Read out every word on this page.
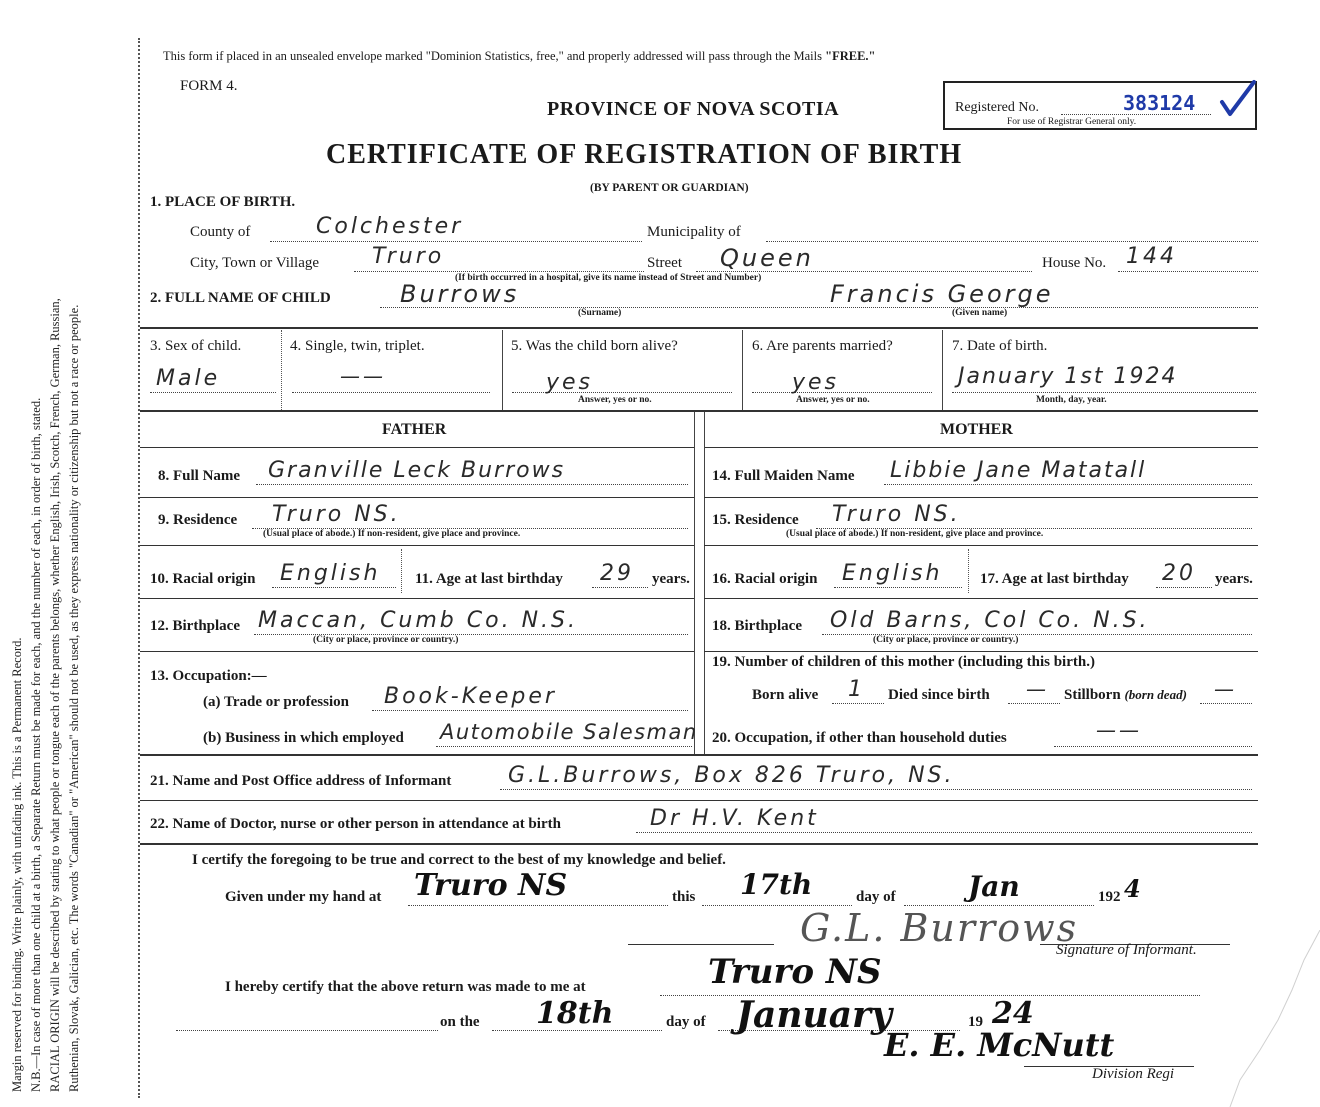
Margin reserved for binding. Write plainly, with unfading ink. This is a Permanent Record. N.B.—In case of more than one child at a birth, a Separate Return must be made for each, and the number of each, in order of birth, stated. RACIAL ORIGIN will be described by stating to what people or tongue each of the parents belongs, whether English, Irish, Scotch, French, German, Russian, Ruthenian, Slovak, Galician, etc. The words "Canadian" or "American" should not be used, as they express nationality or citizenship but not a race or people.
This form if placed in an unsealed envelope marked "Dominion Statistics, free," and properly addressed will pass through the Mails "FREE."
FORM 4.
PROVINCE OF NOVA SCOTIA
CERTIFICATE OF REGISTRATION OF BIRTH
(BY PARENT OR GUARDIAN)
Registered No.	383124
For use of Registrar General only.
1. PLACE OF BIRTH.
County of	Colchester	Municipality of
City, Town or Village Truro	Street Queen	House No. 144
(If birth occurred in a hospital, give its name instead of Street and Number)
2. FULL NAME OF CHILD	Burrows
(Surname)
Francis George
(Given name)
3. Sex of child.
Male
4. Single, twin, triplet.
——
5. Was the child born alive?
yes
Answer, yes or no.
6. Are parents married?
yes
Answer, yes or no.
7. Date of birth.
January 1st 1924
Month, day, year.
FATHER	MOTHER
8. Full Name Granville Leck Burrows
9. Residence Truro NS.
(Usual place of abode.) If non-resident, give place and province.
10. Racial origin English 11. Age at last birthday 29 years.
12. Birthplace Maccan, Cumb Co. N.S.
(City or place, province or country.)
13. Occupation:—
(a) Trade or profession Book-Keeper
(b) Business in which employed Automobile Salesman
14. Full Maiden Name Libbie Jane Matatall
15. Residence Truro NS.
(Usual place of abode.) If non-resident, give place and province.
16. Racial origin English	17. Age at last birthday 20 years.
18. Birthplace Old Barns, Col Co. N.S.
(City or place, province or country.)
19. Number of children of this mother (including this birth.)
Born alive 1 Died since birth — Stillborn (born dead) —
20. Occupation, if other than household duties	——
21. Name and Post Office address of Informant	G.L.Burrows, Box 826 Truro, NS.
22. Name of Doctor, nurse or other person in attendance at birth	Dr H.V. Kent
I certify the foregoing to be true and correct to the best of my knowledge and belief.
Given under my hand at Truro NS	this 17th	day of	Jan	192 4
G.L. Burrows
Signature of Informant.
I hereby certify that the above return was made to me at	Truro NS
on the 18th	day of January	19 24
E. E. McNutt
Division Regi
